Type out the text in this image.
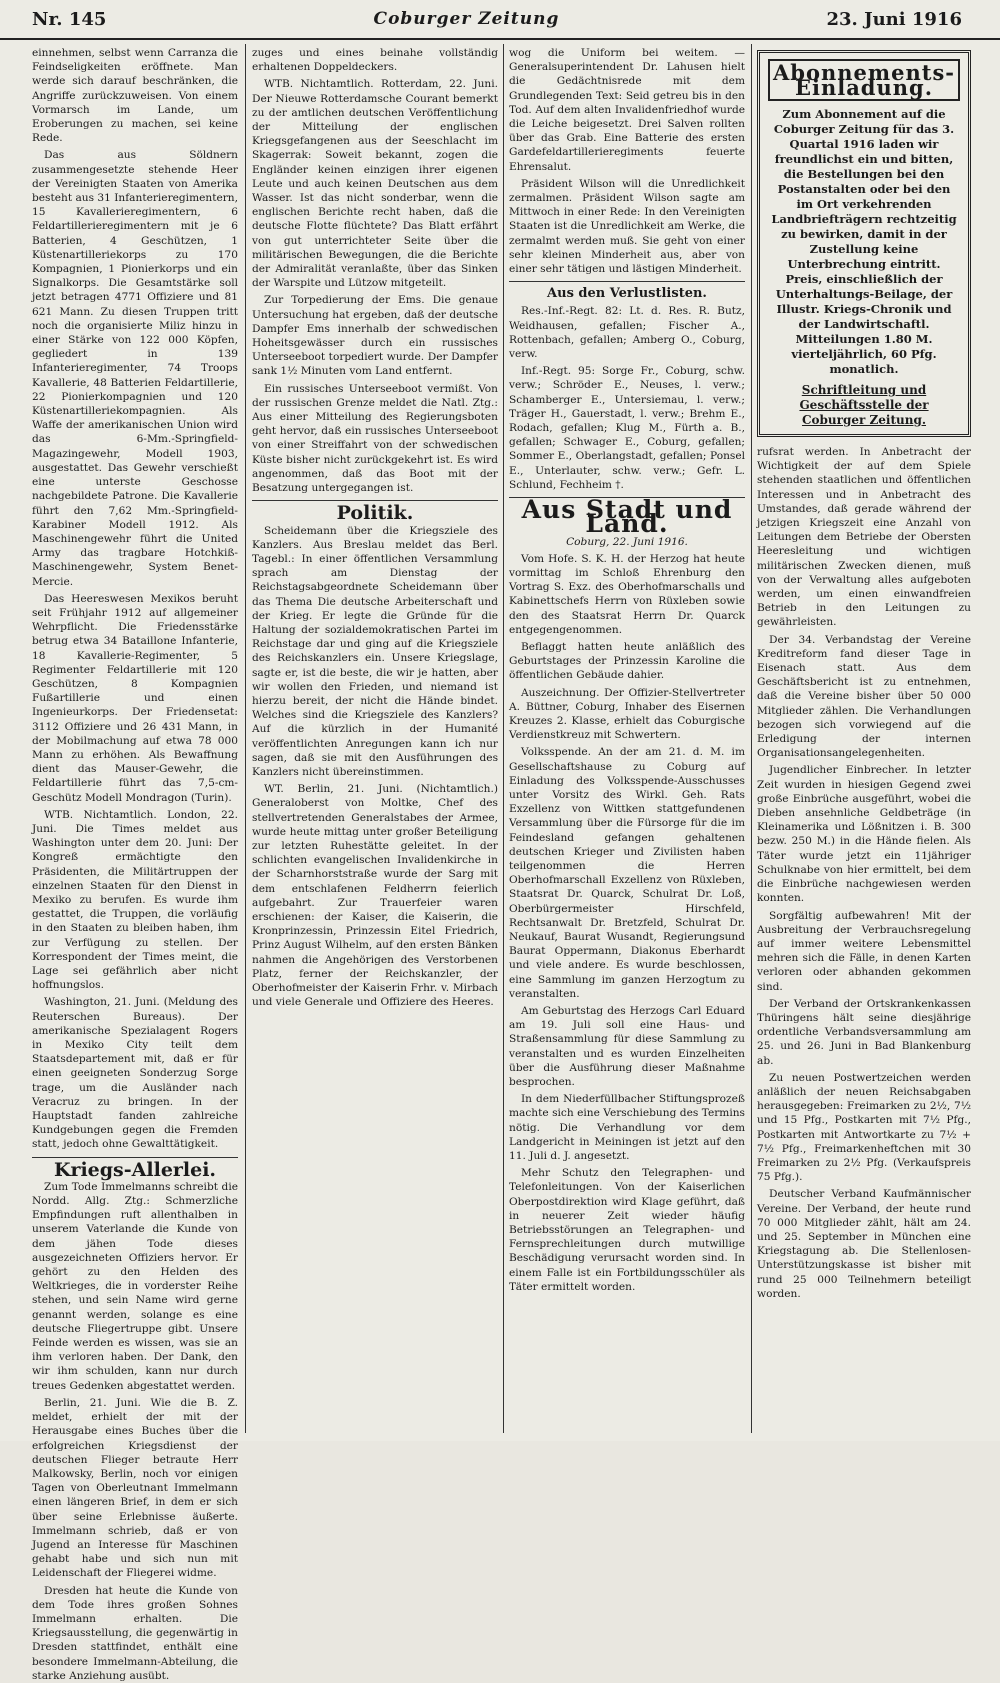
Nr. 145	Coburger Zeitung	23. Juni 1916

einnehmen, selbst wenn Carranza die Feindseligkeiten eröffnete. Man werde sich darauf beschränken, die Angriffe zurückzuweisen. Von einem Vormarsch im Lande, um Eroberungen zu machen, sei keine Rede.

Das aus Söldnern zusammengesetzte stehende Heer der Vereinigten Staaten von Amerika besteht aus 31 Infanterieregimentern, 15 Kavallerieregimentern, 6 Feldartillerieregimentern mit je 6 Batterien, 4 Geschützen, 1 Küstenartilleriekorps zu 170 Kompagnien, 1 Pionierkorps und ein Signalkorps. Die Gesamtstärke soll jetzt betragen 4771 Offiziere und 81 621 Mann. Zu diesen Truppen tritt noch die organisierte Miliz hinzu in einer Stärke von 122 000 Köpfen, gegliedert in 139 Infanterieregimenter, 74 Troops Kavallerie, 48 Batterien Feldartillerie, 22 Pionierkompagnien und 120 Küstenartilleriekompagnien. Als Waffe der amerikanischen Union wird das 6-Mm.-Springfield-Magazingewehr, Modell 1903, ausgestattet. Das Gewehr verschießt eine unterste Geschosse nachgebildete Patrone. Die Kavallerie führt den 7,62 Mm.-Springfield-Karabiner Modell 1912. Als Maschinengewehr führt die United Army das tragbare Hotchkiß-Maschinengewehr, System Benet-Mercie.

Das Heereswesen Mexikos beruht seit Frühjahr 1912 auf allgemeiner Wehrpflicht. Die Friedensstärke betrug etwa 34 Bataillone Infanterie, 18 Kavallerie-Regimenter, 5 Regimenter Feldartillerie mit 120 Geschützen, 8 Kompagnien Fußartillerie und einen Ingenieurkorps. Der Friedensetat: 3112 Offiziere und 26 431 Mann, in der Mobilmachung auf etwa 78 000 Mann zu erhöhen. Als Bewaffnung dient das Mauser-Gewehr, die Feldartillerie führt das 7,5-cm-Geschütz Modell Mondragon (Turin).

WTB. Nichtamtlich. London, 22. Juni. Die Times meldet aus Washington unter dem 20. Juni: Der Kongreß ermächtigte den Präsidenten, die Militärtruppen der einzelnen Staaten für den Dienst in Mexiko zu berufen. Es wurde ihm gestattet, die Truppen, die vorläufig in den Staaten zu bleiben haben, ihm zur Verfügung zu stellen. Der Korrespondent der Times meint, die Lage sei gefährlich aber nicht hoffnungslos.

Washington, 21. Juni. (Meldung des Reuterschen Bureaus). Der amerikanische Spezialagent Rogers in Mexiko City teilt dem Staatsdepartement mit, daß er für einen geeigneten Sonderzug Sorge trage, um die Ausländer nach Veracruz zu bringen. In der Hauptstadt fanden zahlreiche Kundgebungen gegen die Fremden statt, jedoch ohne Gewalttätigkeit.

Kriegs-Allerlei.

Zum Tode Immelmanns schreibt die Nordd. Allg. Ztg.: Schmerzliche Empfindungen ruft allenthalben in unserem Vaterlande die Kunde von dem jähen Tode dieses ausgezeichneten Offiziers hervor. Er gehört zu den Helden des Weltkrieges, die in vorderster Reihe stehen, und sein Name wird gerne genannt werden, solange es eine deutsche Fliegertruppe gibt. Unsere Feinde werden es wissen, was sie an ihm verloren haben. Der Dank, den wir ihm schulden, kann nur durch treues Gedenken abgestattet werden.

Berlin, 21. Juni. Wie die B. Z. meldet, erhielt der mit der Herausgabe eines Buches über die erfolgreichen Kriegsdienst der deutschen Flieger betraute Herr Malkowsky, Berlin, noch vor einigen Tagen von Oberleutnant Immelmann einen längeren Brief, in dem er sich über seine Erlebnisse äußerte. Immelmann schrieb, daß er von Jugend an Interesse für Maschinen gehabt habe und sich nun mit Leidenschaft der Fliegerei widme.

Dresden hat heute die Kunde von dem Tode ihres großen Sohnes Immelmann erhalten. Die Kriegsausstellung, die gegenwärtig in Dresden stattfindet, enthält eine besondere Immelmann-Abteilung, die starke Anziehung ausübt.

zuges und eines beinahe vollständig erhaltenen Doppeldeckers.

WTB. Nichtamtlich. Rotterdam, 22. Juni. Der Nieuwe Rotterdamsche Courant bemerkt zu der amtlichen deutschen Veröffentlichung der Mitteilung der englischen Kriegsgefangenen aus der Seeschlacht im Skagerrak: Soweit bekannt, zogen die Engländer keinen einzigen ihrer eigenen Leute und auch keinen Deutschen aus dem Wasser. Ist das nicht sonderbar, wenn die englischen Berichte recht haben, daß die deutsche Flotte flüchtete? Das Blatt erfährt von gut unterrichteter Seite über die militärischen Bewegungen, die die Berichte der Admiralität veranlaßte, über das Sinken der Warspite und Lützow mitgeteilt.

Zur Torpedierung der Ems. Die genaue Untersuchung hat ergeben, daß der deutsche Dampfer Ems innerhalb der schwedischen Hoheitsgewässer durch ein russisches Unterseeboot torpediert wurde. Der Dampfer sank 1½ Minuten vom Land entfernt.

Ein russisches Unterseeboot vermißt. Von der russischen Grenze meldet die Natl. Ztg.: Aus einer Mitteilung des Regierungsboten geht hervor, daß ein russisches Unterseeboot von einer Streiffahrt von der schwedischen Küste bisher nicht zurückgekehrt ist. Es wird angenommen, daß das Boot mit der Besatzung untergegangen ist.

Politik.

Scheidemann über die Kriegsziele des Kanzlers. Aus Breslau meldet das Berl. Tagebl.: In einer öffentlichen Versammlung sprach am Dienstag der Reichstagsabgeordnete Scheidemann über das Thema Die deutsche Arbeiterschaft und der Krieg. Er legte die Gründe für die Haltung der sozialdemokratischen Partei im Reichstage dar und ging auf die Kriegsziele des Reichskanzlers ein. Unsere Kriegslage, sagte er, ist die beste, die wir je hatten, aber wir wollen den Frieden, und niemand ist hierzu bereit, der nicht die Hände bindet. Welches sind die Kriegsziele des Kanzlers? Auf die kürzlich in der Humanité veröffentlichten Anregungen kann ich nur sagen, daß sie mit den Ausführungen des Kanzlers nicht übereinstimmen.

WT. Berlin, 21. Juni. (Nichtamtlich.) Generaloberst von Moltke, Chef des stellvertretenden Generalstabes der Armee, wurde heute mittag unter großer Beteiligung zur letzten Ruhestätte geleitet. In der schlichten evangelischen Invalidenkirche in der Scharnhorststraße wurde der Sarg mit dem entschlafenen Feldherrn feierlich aufgebahrt. Zur Trauerfeier waren erschienen: der Kaiser, die Kaiserin, die Kronprinzessin, Prinzessin Eitel Friedrich, Prinz August Wilhelm, auf den ersten Bänken nahmen die Angehörigen des Verstorbenen Platz, ferner der Reichskanzler, der Oberhofmeister der Kaiserin Frhr. v. Mirbach und viele Generale und Offiziere des Heeres.

wog die Uniform bei weitem. — Generalsuperintendent Dr. Lahusen hielt die Gedächtnisrede mit dem Grundlegenden Text: Seid getreu bis in den Tod. Auf dem alten Invalidenfriedhof wurde die Leiche beigesetzt. Drei Salven rollten über das Grab. Eine Batterie des ersten Gardefeldartillerieregiments feuerte Ehrensalut.

Präsident Wilson will die Unredlichkeit zermalmen. Präsident Wilson sagte am Mittwoch in einer Rede: In den Vereinigten Staaten ist die Unredlichkeit am Werke, die zermalmt werden muß. Sie geht von einer sehr kleinen Minderheit aus, aber von einer sehr tätigen und lästigen Minderheit.

Aus den Verlustlisten.

Res.-Inf.-Regt. 82: Lt. d. Res. R. Butz, Weidhausen, gefallen; Fischer A., Rottenbach, gefallen; Amberg O., Coburg, verw.

Inf.-Regt. 95: Sorge Fr., Coburg, schw. verw.; Schröder E., Neuses, l. verw.; Schamberger E., Untersiemau, l. verw.; Träger H., Gauerstadt, l. verw.; Brehm E., Rodach, gefallen; Klug M., Fürth a. B., gefallen; Schwager E., Coburg, gefallen; Sommer E., Oberlangstadt, gefallen; Ponsel E., Unterlauter, schw. verw.; Gefr. L. Schlund, Fechheim †.

Aus Stadt und Land.

Coburg, 22. Juni 1916.

Vom Hofe. S. K. H. der Herzog hat heute vormittag im Schloß Ehrenburg den Vortrag S. Exz. des Oberhofmarschalls und Kabinettschefs Herrn von Rüxleben sowie den des Staatsrat Herrn Dr. Quarck entgegengenommen.

Beflaggt hatten heute anläßlich des Geburtstages der Prinzessin Karoline die öffentlichen Gebäude dahier.

Auszeichnung. Der Offizier-Stellvertreter A. Büttner, Coburg, Inhaber des Eisernen Kreuzes 2. Klasse, erhielt das Coburgische Verdienstkreuz mit Schwertern.

Volksspende. An der am 21. d. M. im Gesellschaftshause zu Coburg auf Einladung des Volksspende-Ausschusses unter Vorsitz des Wirkl. Geh. Rats Exzellenz von Wittken stattgefundenen Versammlung über die Fürsorge für die im Feindesland gefangen gehaltenen deutschen Krieger und Zivilisten haben teilgenommen die Herren Oberhofmarschall Exzellenz von Rüxleben, Staatsrat Dr. Quarck, Schulrat Dr. Loß, Oberbürgermeister Hirschfeld, Rechtsanwalt Dr. Bretzfeld, Schulrat Dr. Neukauf, Baurat Wusandt, Regierungsund Baurat Oppermann, Diakonus Eberhardt und viele andere. Es wurde beschlossen, eine Sammlung im ganzen Herzogtum zu veranstalten.

Am Geburtstag des Herzogs Carl Eduard am 19. Juli soll eine Haus- und Straßensammlung für diese Sammlung zu veranstalten und es wurden Einzelheiten über die Ausführung dieser Maßnahme besprochen.

In dem Niederfüllbacher Stiftungsprozeß machte sich eine Verschiebung des Termins nötig. Die Verhandlung vor dem Landgericht in Meiningen ist jetzt auf den 11. Juli d. J. angesetzt.

Mehr Schutz den Telegraphen- und Telefonleitungen. Von der Kaiserlichen Oberpostdirektion wird Klage geführt, daß in neuerer Zeit wieder häufig Betriebsstörungen an Telegraphen- und Fernsprechleitungen durch mutwillige Beschädigung verursacht worden sind. In einem Falle ist ein Fortbildungsschüler als Täter ermittelt worden.

Abonnements-Einladung.
Zum Abonnement auf die Coburger Zeitung für das 3. Quartal 1916 laden wir freundlichst ein und bitten, die Bestellungen bei den Postanstalten oder bei den im Ort verkehrenden Landbriefträgern rechtzeitig zu bewirken, damit in der Zustellung keine Unterbrechung eintritt. Preis, einschließlich der Unterhaltungs-Beilage, der Illustr. Kriegs-Chronik und der Landwirtschaftl. Mitteilungen 1.80 M. vierteljährlich, 60 Pfg. monatlich.
Schriftleitung und Geschäftsstelle der Coburger Zeitung.

rufsrat werden. In Anbetracht der Wichtigkeit der auf dem Spiele stehenden staatlichen und öffentlichen Interessen und in Anbetracht des Umstandes, daß gerade während der jetzigen Kriegszeit eine Anzahl von Leitungen dem Betriebe der Obersten Heeresleitung und wichtigen militärischen Zwecken dienen, muß von der Verwaltung alles aufgeboten werden, um einen einwandfreien Betrieb in den Leitungen zu gewährleisten.

Der 34. Verbandstag der Vereine Kreditreform fand dieser Tage in Eisenach statt. Aus dem Geschäftsbericht ist zu entnehmen, daß die Vereine bisher über 50 000 Mitglieder zählen. Die Verhandlungen bezogen sich vorwiegend auf die Erledigung der internen Organisationsangelegenheiten.

Jugendlicher Einbrecher. In letzter Zeit wurden in hiesigen Gegend zwei große Einbrüche ausgeführt, wobei die Dieben ansehnliche Geldbeträge (in Kleinamerika und Lößnitzen i. B. 300 bezw. 250 M.) in die Hände fielen. Als Täter wurde jetzt ein 11jähriger Schulknabe von hier ermittelt, bei dem die Einbrüche nachgewiesen werden konnten.

Sorgfältig aufbewahren! Mit der Ausbreitung der Verbrauchsregelung auf immer weitere Lebensmittel mehren sich die Fälle, in denen Karten verloren oder abhanden gekommen sind.

Der Verband der Ortskrankenkassen Thüringens hält seine diesjährige ordentliche Verbandsversammlung am 25. und 26. Juni in Bad Blankenburg ab.

Zu neuen Postwertzeichen werden anläßlich der neuen Reichsabgaben herausgegeben: Freimarken zu 2½, 7½ und 15 Pfg., Postkarten mit 7½ Pfg., Postkarten mit Antwortkarte zu 7½ + 7½ Pfg., Freimarkenheftchen mit 30 Freimarken zu 2½ Pfg. (Verkaufspreis 75 Pfg.).

Deutscher Verband Kaufmännischer Vereine. Der Verband, der heute rund 70 000 Mitglieder zählt, hält am 24. und 25. September in München eine Kriegstagung ab. Die Stellenlosen-Unterstützungskasse ist bisher mit rund 25 000 Teilnehmern beteiligt worden.
